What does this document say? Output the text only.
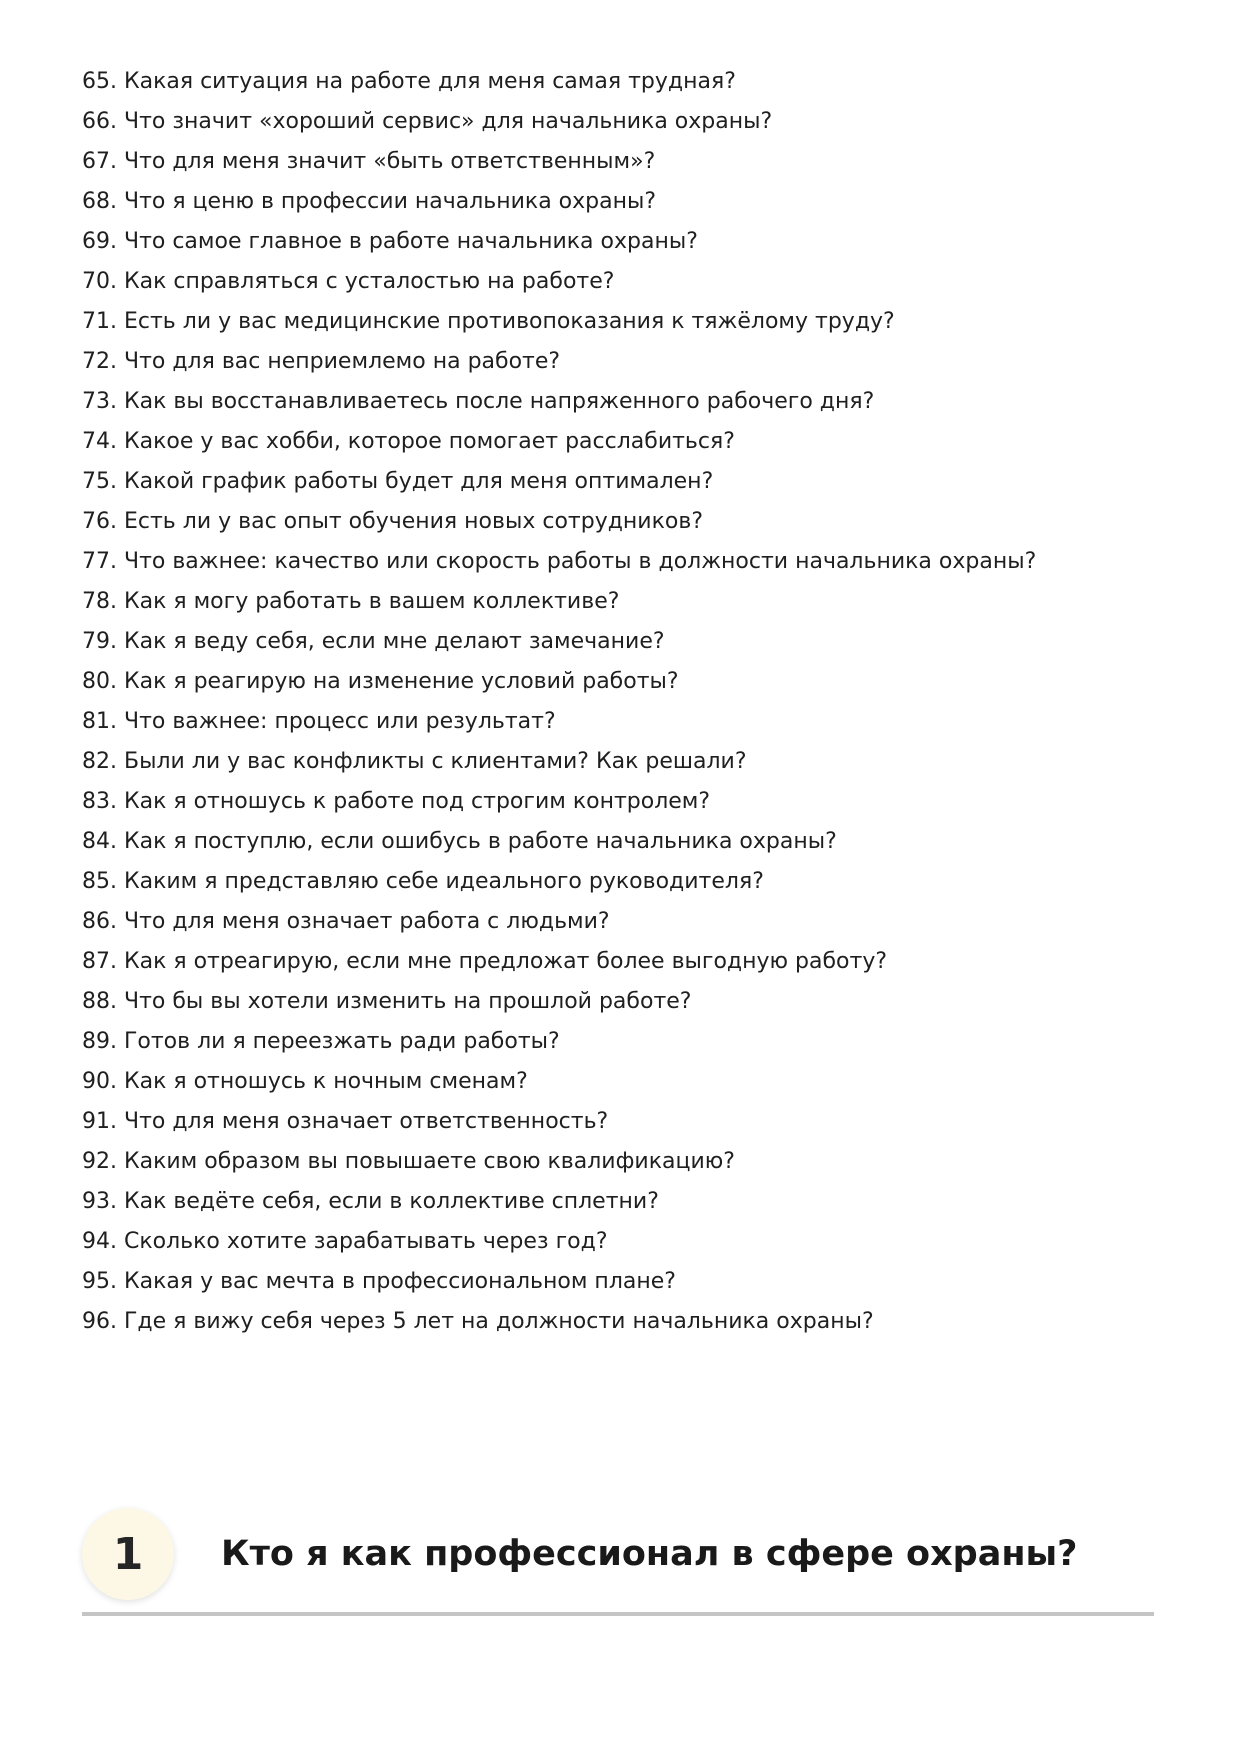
65. Какая ситуация на работе для меня самая трудная?
66. Что значит «хороший сервис» для начальника охраны?
67. Что для меня значит «быть ответственным»?
68. Что я ценю в профессии начальника охраны?
69. Что самое главное в работе начальника охраны?
70. Как справляться с усталостью на работе?
71. Есть ли у вас медицинские противопоказания к тяжёлому труду?
72. Что для вас неприемлемо на работе?
73. Как вы восстанавливаетесь после напряженного рабочего дня?
74. Какое у вас хобби, которое помогает расслабиться?
75. Какой график работы будет для меня оптимален?
76. Есть ли у вас опыт обучения новых сотрудников?
77. Что важнее: качество или скорость работы в должности начальника охраны?
78. Как я могу работать в вашем коллективе?
79. Как я веду себя, если мне делают замечание?
80. Как я реагирую на изменение условий работы?
81. Что важнее: процесс или результат?
82. Были ли у вас конфликты с клиентами? Как решали?
83. Как я отношусь к работе под строгим контролем?
84. Как я поступлю, если ошибусь в работе начальника охраны?
85. Каким я представляю себе идеального руководителя?
86. Что для меня означает работа с людьми?
87. Как я отреагирую, если мне предложат более выгодную работу?
88. Что бы вы хотели изменить на прошлой работе?
89. Готов ли я переезжать ради работы?
90. Как я отношусь к ночным сменам?
91. Что для меня означает ответственность?
92. Каким образом вы повышаете свою квалификацию?
93. Как ведёте себя, если в коллективе сплетни?
94. Сколько хотите зарабатывать через год?
95. Какая у вас мечта в профессиональном плане?
96. Где я вижу себя через 5 лет на должности начальника охраны?
1	Кто я как профессионал в сфере охраны?
